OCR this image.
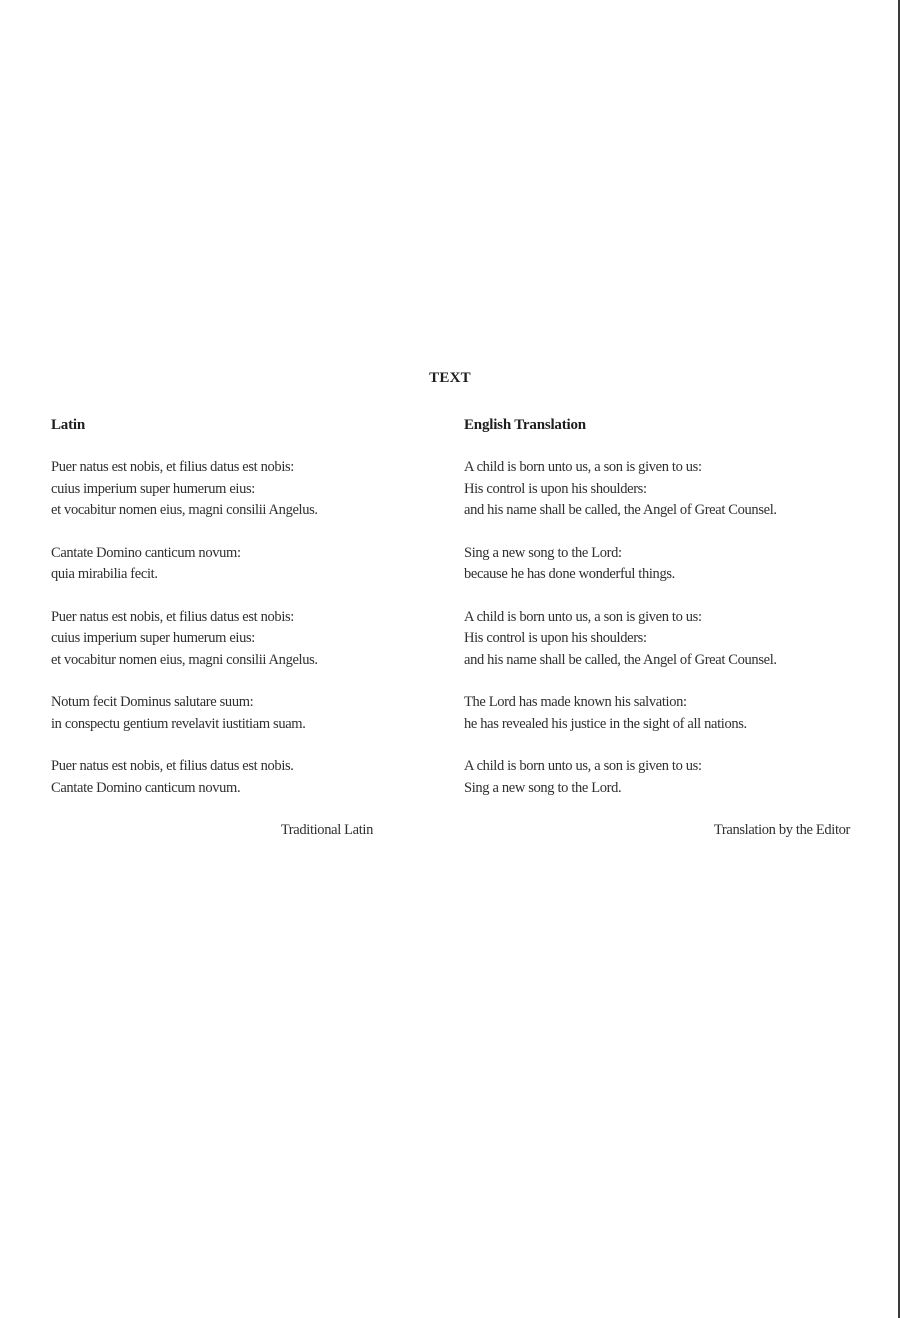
TEXT
Latin
Puer natus est nobis, et filius datus est nobis:
cuius imperium super humerum eius:
et vocabitur nomen eius, magni consilii Angelus.
Cantate Domino canticum novum:
quia mirabilia fecit.
Puer natus est nobis, et filius datus est nobis:
cuius imperium super humerum eius:
et vocabitur nomen eius, magni consilii Angelus.
Notum fecit Dominus salutare suum:
in conspectu gentium revelavit iustitiam suam.
Puer natus est nobis, et filius datus est nobis.
Cantate Domino canticum novum.
Traditional Latin
English Translation
A child is born unto us, a son is given to us:
His control is upon his shoulders:
and his name shall be called, the Angel of Great Counsel.
Sing a new song to the Lord:
because he has done wonderful things.
A child is born unto us, a son is given to us:
His control is upon his shoulders:
and his name shall be called, the Angel of Great Counsel.
The Lord has made known his salvation:
he has revealed his justice in the sight of all nations.
A child is born unto us, a son is given to us:
Sing a new song to the Lord.
Translation by the Editor
